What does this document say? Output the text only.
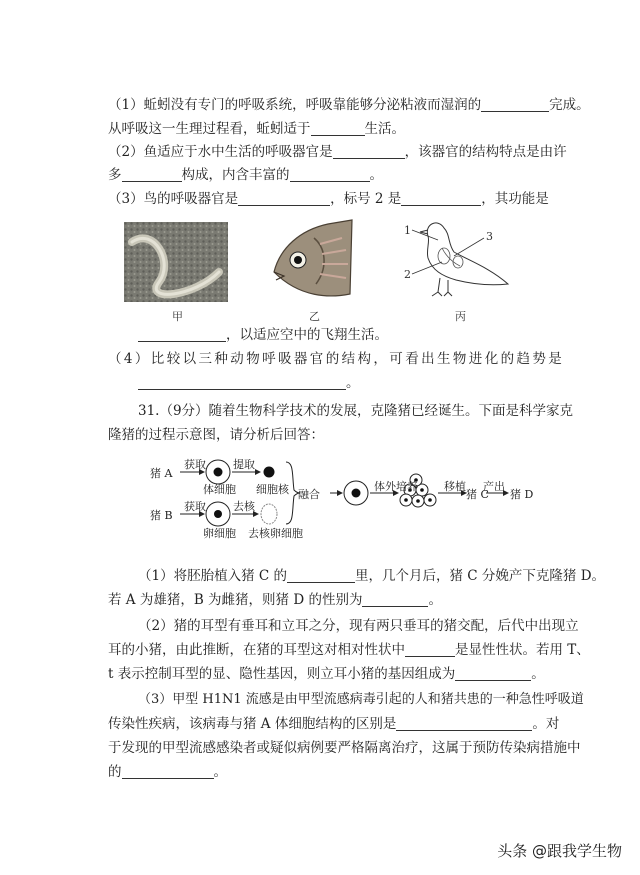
（1）蚯蚓没有专门的呼吸系统，呼吸靠能够分泌粘液而湿润的	完成。
从呼吸这一生理过程看，蚯蚓适于	生活。
（2）鱼适应于水中生活的呼吸器官是	，该器官的结构特点是由许
多	构成，内含丰富的	。
（3）鸟的呼吸器官是	，标号 2 是	，其功能是
甲	乙
1
2
3
丙
，以适应空中的飞翔生活。
（4）比较以三种动物呼吸器官的结构，可看出生物进化的趋势是
。
31.（9分）随着生物科学技术的发展，克隆猪已经诞生。下面是科学家克
隆猪的过程示意图，请分析后回答：
猪 A
获取 提取
体细胞 细胞核
猪 B
获取 去核
卵细胞 去核卵细胞
融合
体外培养 移植
猪 C
产出
猪 D
（1）将胚胎植入猪 C 的	里，几个月后，猪 C 分娩产下克隆猪 D。
若 A 为雄猪，B 为雌猪，则猪 D 的性别为	。
（2）猪的耳型有垂耳和立耳之分，现有两只垂耳的猪交配，后代中出现立
耳的小猪，由此推断，在猪的耳型这对相对性状中	是显性性状。若用 T、
t 表示控制耳型的显、隐性基因，则立耳小猪的基因组成为	。
（3）甲型 H1N1 流感是由甲型流感病毒引起的人和猪共患的一种急性呼吸道
传染性疾病，该病毒与猪 A 体细胞结构的区别是	。对
于发现的甲型流感感染者或疑似病例要严格隔离治疗，这属于预防传染病措施中
的	。
头条 @跟我学生物
